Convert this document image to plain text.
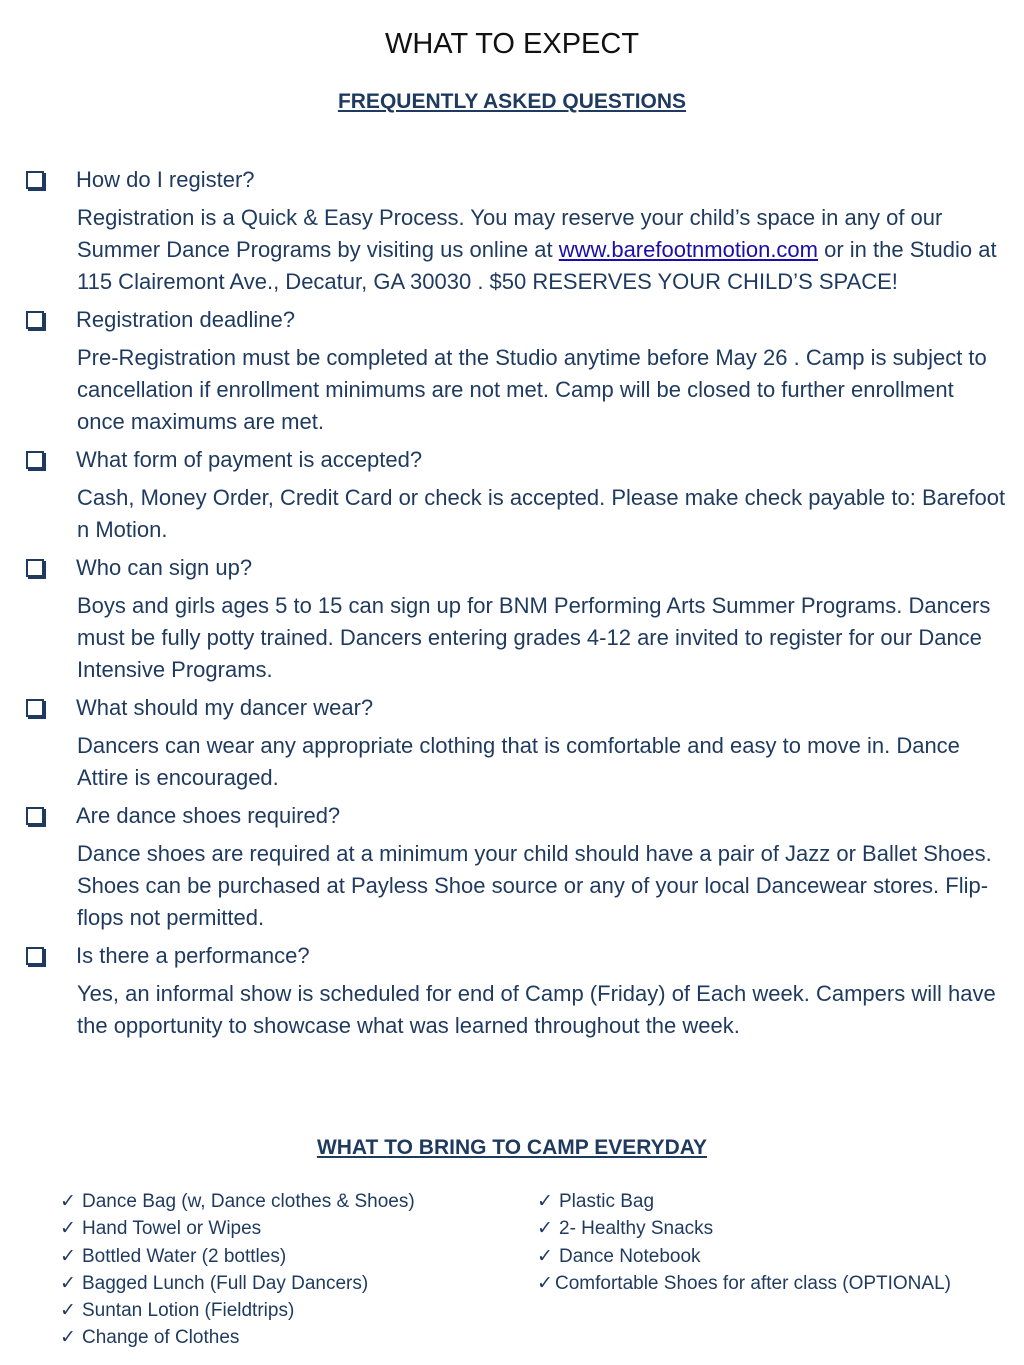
WHAT TO EXPECT
FREQUENTLY ASKED QUESTIONS
How do I register?
Registration is a Quick & Easy Process. You may reserve your child’s space in any of our Summer Dance Programs by visiting us online at www.barefootnmotion.com or in the Studio at 115 Clairemont Ave., Decatur, GA 30030 . $50 RESERVES YOUR CHILD’S SPACE!
Registration deadline?
Pre-Registration must be completed at the Studio anytime before May 26 . Camp is subject to cancellation if enrollment minimums are not met. Camp will be closed to further enrollment once maximums are met.
What form of payment is accepted?
Cash, Money Order, Credit Card or check is accepted. Please make check payable to: Barefoot n Motion.
Who can sign up?
Boys and girls ages 5 to 15 can sign up for BNM Performing Arts Summer Programs. Dancers must be fully potty trained. Dancers entering grades 4-12 are invited to register for our Dance Intensive Programs.
What should my dancer wear?
Dancers can wear any appropriate clothing that is comfortable and easy to move in. Dance Attire is encouraged.
Are dance shoes required?
Dance shoes are required at a minimum your child should have a pair of Jazz or Ballet Shoes. Shoes can be purchased at Payless Shoe source or any of your local Dancewear stores. Flip-flops not permitted.
Is there a performance?
Yes, an informal show is scheduled for end of Camp (Friday) of Each week. Campers will have the opportunity to showcase what was learned throughout the week.
WHAT TO BRING TO CAMP EVERYDAY
✓ Dance Bag (w, Dance clothes & Shoes)
✓ Hand Towel or Wipes
✓ Bottled Water (2 bottles)
✓ Bagged Lunch (Full Day Dancers)
✓ Suntan Lotion (Fieldtrips)
✓ Change of Clothes
✓ Plastic Bag
✓ 2- Healthy Snacks
✓ Dance Notebook
✓ Comfortable Shoes for after class (OPTIONAL)
